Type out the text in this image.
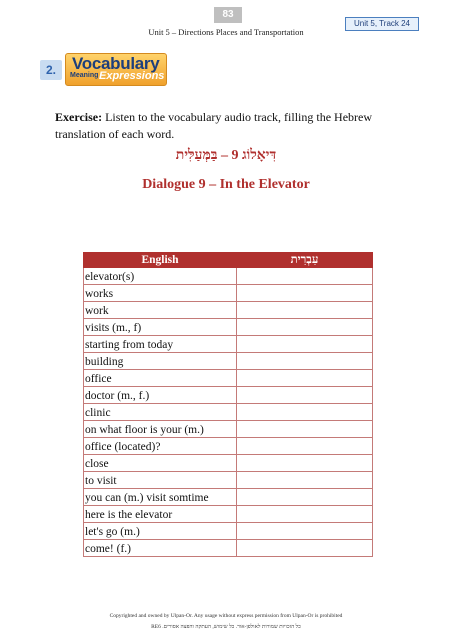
83
Unit 5 – Directions Places and Transportation
Unit 5, Track 24
2. Vocabulary
Meaning Expressions
Exercise: Listen to the vocabulary audio track, filling the Hebrew translation of each word.
דִּיאָלוֹג 9 – בַּמְּעַלִּית
Dialogue 9 – In the Elevator
English	עִבְרִית
elevator(s)	
works	
work	
visits (m., f)	
starting from today	
building	
office	
doctor (m., f.)	
clinic	
on what floor is your (m.)	
office (located)?	
close	
to visit	
you can (m.) visit somtime	
here is the elevator	
let's go (m.)	
come! (f.)	
Copyrighted and owned by Ulpan-Or. Any usage without express permission from Ulpan-Or is prohibited
כל הזכויות שמורות לאולפן-אור. כל שימוש, העתקה והפצה אסורים. RE6
